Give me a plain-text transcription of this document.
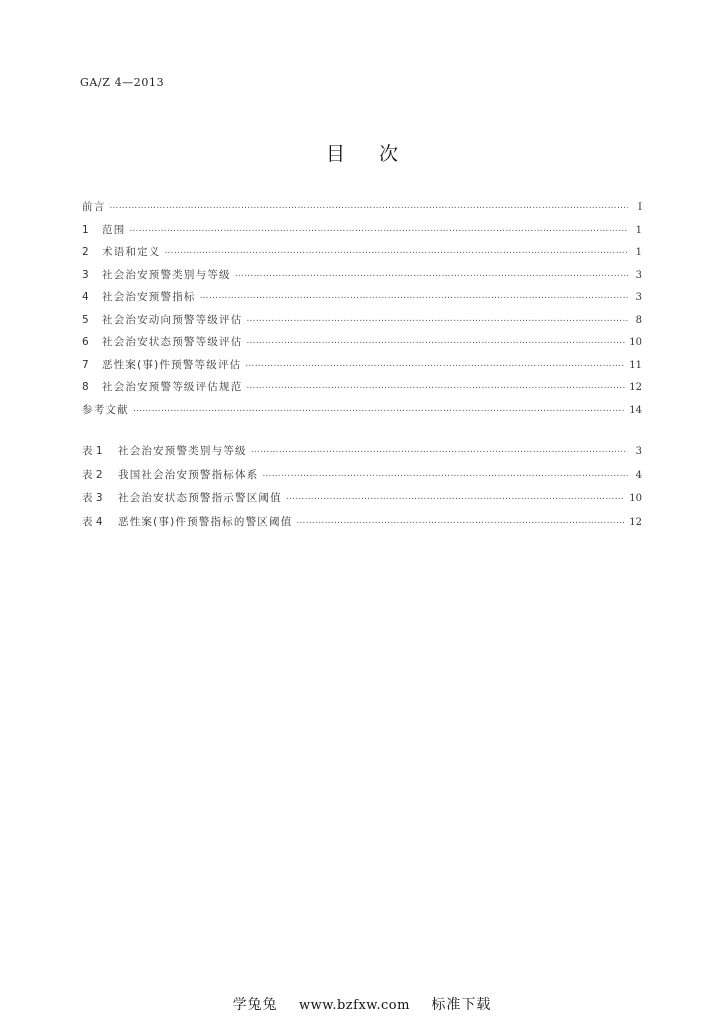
GA/Z 4—2013
目次
前言 ……………………………………………………………………………………………………………………………………………………………………………………………………………………	Ⅰ
1	范围 ……………………………………………………………………………………………………………………………………………………………………………………………………………………	1
2	术语和定义 ……………………………………………………………………………………………………………………………………………………………………………………………………………………	1
3	社会治安预警类别与等级 ……………………………………………………………………………………………………………………………………………………………………………………………………………………	3
4	社会治安预警指标 ……………………………………………………………………………………………………………………………………………………………………………………………………………………	3
5	社会治安动向预警等级评估 ……………………………………………………………………………………………………………………………………………………………………………………………………………………	8
6	社会治安状态预警等级评估 ……………………………………………………………………………………………………………………………………………………………………………………………………………………	10
7	恶性案(事)件预警等级评估 ……………………………………………………………………………………………………………………………………………………………………………………………………………………	11
8	社会治安预警等级评估规范 ……………………………………………………………………………………………………………………………………………………………………………………………………………………	12
参考文献 ……………………………………………………………………………………………………………………………………………………………………………………………………………………	14
表 1	社会治安预警类别与等级 ……………………………………………………………………………………………………………………………………………………………………………………………………………………	3
表 2	我国社会治安预警指标体系 ……………………………………………………………………………………………………………………………………………………………………………………………………………………	4
表 3	社会治安状态预警指示警区阈值 ……………………………………………………………………………………………………………………………………………………………………………………………………………………	10
表 4	恶性案(事)件预警指标的警区阈值 ……………………………………………………………………………………………………………………………………………………………………………………………………………………	12
学兔兔 www.bzfxw.com 标准下载
